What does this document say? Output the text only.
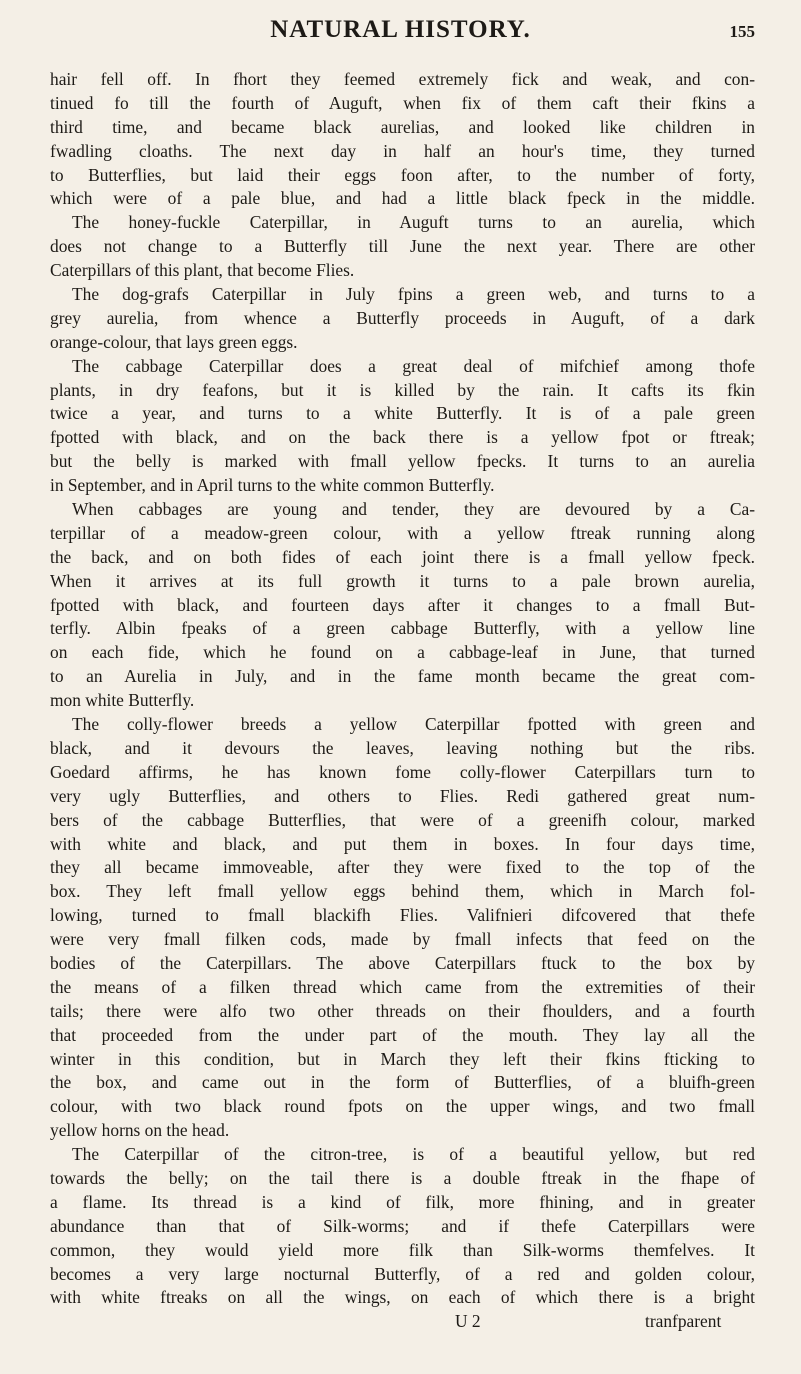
NATURAL HISTORY.	155
hair fell off. In fhort they feemed extremely fick and weak, and con-
tinued fo till the fourth of Auguft, when fix of them caft their fkins a
third time, and became black aurelias, and looked like children in
fwadling cloaths. The next day in half an hour's time, they turned
to Butterflies, but laid their eggs foon after, to the number of forty,
which were of a pale blue, and had a little black fpeck in the middle.
The honey-fuckle Caterpillar, in Auguft turns to an aurelia, which
does not change to a Butterfly till June the next year. There are other
Caterpillars of this plant, that become Flies.
The dog-grafs Caterpillar in July fpins a green web, and turns to a
grey aurelia, from whence a Butterfly proceeds in Auguft, of a dark
orange-colour, that lays green eggs.
The cabbage Caterpillar does a great deal of mifchief among thofe
plants, in dry feafons, but it is killed by the rain. It cafts its fkin
twice a year, and turns to a white Butterfly. It is of a pale green
fpotted with black, and on the back there is a yellow fpot or ftreak;
but the belly is marked with fmall yellow fpecks. It turns to an aurelia
in September, and in April turns to the white common Butterfly.
When cabbages are young and tender, they are devoured by a Ca-
terpillar of a meadow-green colour, with a yellow ftreak running along
the back, and on both fides of each joint there is a fmall yellow fpeck.
When it arrives at its full growth it turns to a pale brown aurelia,
fpotted with black, and fourteen days after it changes to a fmall But-
terfly. Albin fpeaks of a green cabbage Butterfly, with a yellow line
on each fide, which he found on a cabbage-leaf in June, that turned
to an Aurelia in July, and in the fame month became the great com-
mon white Butterfly.
The colly-flower breeds a yellow Caterpillar fpotted with green and
black, and it devours the leaves, leaving nothing but the ribs.
Goedard affirms, he has known fome colly-flower Caterpillars turn to
very ugly Butterflies, and others to Flies. Redi gathered great num-
bers of the cabbage Butterflies, that were of a greenifh colour, marked
with white and black, and put them in boxes. In four days time,
they all became immoveable, after they were fixed to the top of the
box. They left fmall yellow eggs behind them, which in March fol-
lowing, turned to fmall blackifh Flies. Valifnieri difcovered that thefe
were very fmall filken cods, made by fmall infects that feed on the
bodies of the Caterpillars. The above Caterpillars ftuck to the box by
the means of a filken thread which came from the extremities of their
tails; there were alfo two other threads on their fhoulders, and a fourth
that proceeded from the under part of the mouth. They lay all the
winter in this condition, but in March they left their fkins fticking to
the box, and came out in the form of Butterflies, of a bluifh-green
colour, with two black round fpots on the upper wings, and two fmall
yellow horns on the head.
The Caterpillar of the citron-tree, is of a beautiful yellow, but red
towards the belly; on the tail there is a double ftreak in the fhape of
a flame. Its thread is a kind of filk, more fhining, and in greater
abundance than that of Silk-worms; and if thefe Caterpillars were
common, they would yield more filk than Silk-worms themfelves. It
becomes a very large nocturnal Butterfly, of a red and golden colour,
with white ftreaks on all the wings, on each of which there is a bright
U 2	tranfparent
